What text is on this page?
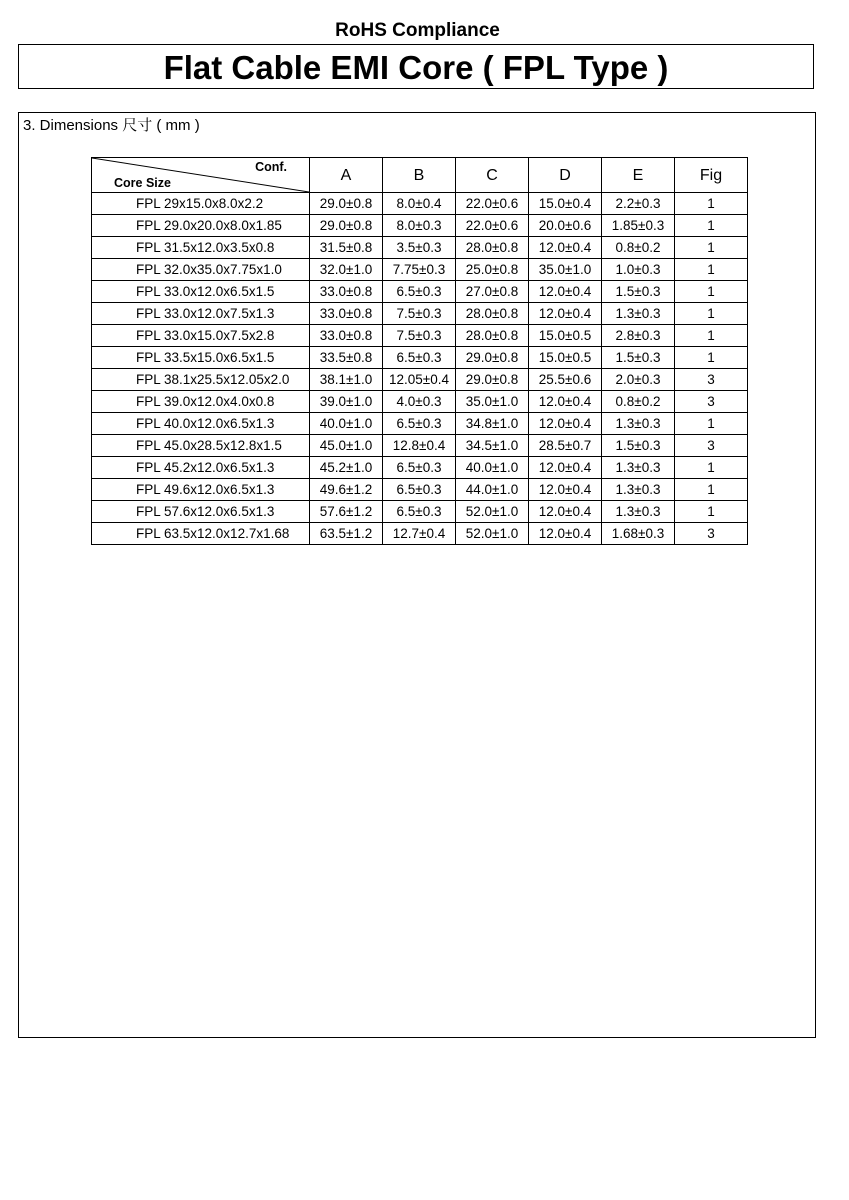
RoHS Compliance
Flat Cable EMI Core ( FPL Type )
3. Dimensions 尺寸 ( mm )
Conf.
Core Size	A	B	C	D	E	Fig
FPL 29x15.0x8.0x2.2	29.0±0.8	8.0±0.4	22.0±0.6	15.0±0.4	2.2±0.3	1
FPL 29.0x20.0x8.0x1.85	29.0±0.8	8.0±0.3	22.0±0.6	20.0±0.6	1.85±0.3	1
FPL 31.5x12.0x3.5x0.8	31.5±0.8	3.5±0.3	28.0±0.8	12.0±0.4	0.8±0.2	1
FPL 32.0x35.0x7.75x1.0	32.0±1.0	7.75±0.3	25.0±0.8	35.0±1.0	1.0±0.3	1
FPL 33.0x12.0x6.5x1.5	33.0±0.8	6.5±0.3	27.0±0.8	12.0±0.4	1.5±0.3	1
FPL 33.0x12.0x7.5x1.3	33.0±0.8	7.5±0.3	28.0±0.8	12.0±0.4	1.3±0.3	1
FPL 33.0x15.0x7.5x2.8	33.0±0.8	7.5±0.3	28.0±0.8	15.0±0.5	2.8±0.3	1
FPL 33.5x15.0x6.5x1.5	33.5±0.8	6.5±0.3	29.0±0.8	15.0±0.5	1.5±0.3	1
FPL 38.1x25.5x12.05x2.0	38.1±1.0	12.05±0.4	29.0±0.8	25.5±0.6	2.0±0.3	3
FPL 39.0x12.0x4.0x0.8	39.0±1.0	4.0±0.3	35.0±1.0	12.0±0.4	0.8±0.2	3
FPL 40.0x12.0x6.5x1.3	40.0±1.0	6.5±0.3	34.8±1.0	12.0±0.4	1.3±0.3	1
FPL 45.0x28.5x12.8x1.5	45.0±1.0	12.8±0.4	34.5±1.0	28.5±0.7	1.5±0.3	3
FPL 45.2x12.0x6.5x1.3	45.2±1.0	6.5±0.3	40.0±1.0	12.0±0.4	1.3±0.3	1
FPL 49.6x12.0x6.5x1.3	49.6±1.2	6.5±0.3	44.0±1.0	12.0±0.4	1.3±0.3	1
FPL 57.6x12.0x6.5x1.3	57.6±1.2	6.5±0.3	52.0±1.0	12.0±0.4	1.3±0.3	1
FPL 63.5x12.0x12.7x1.68	63.5±1.2	12.7±0.4	52.0±1.0	12.0±0.4	1.68±0.3	3
